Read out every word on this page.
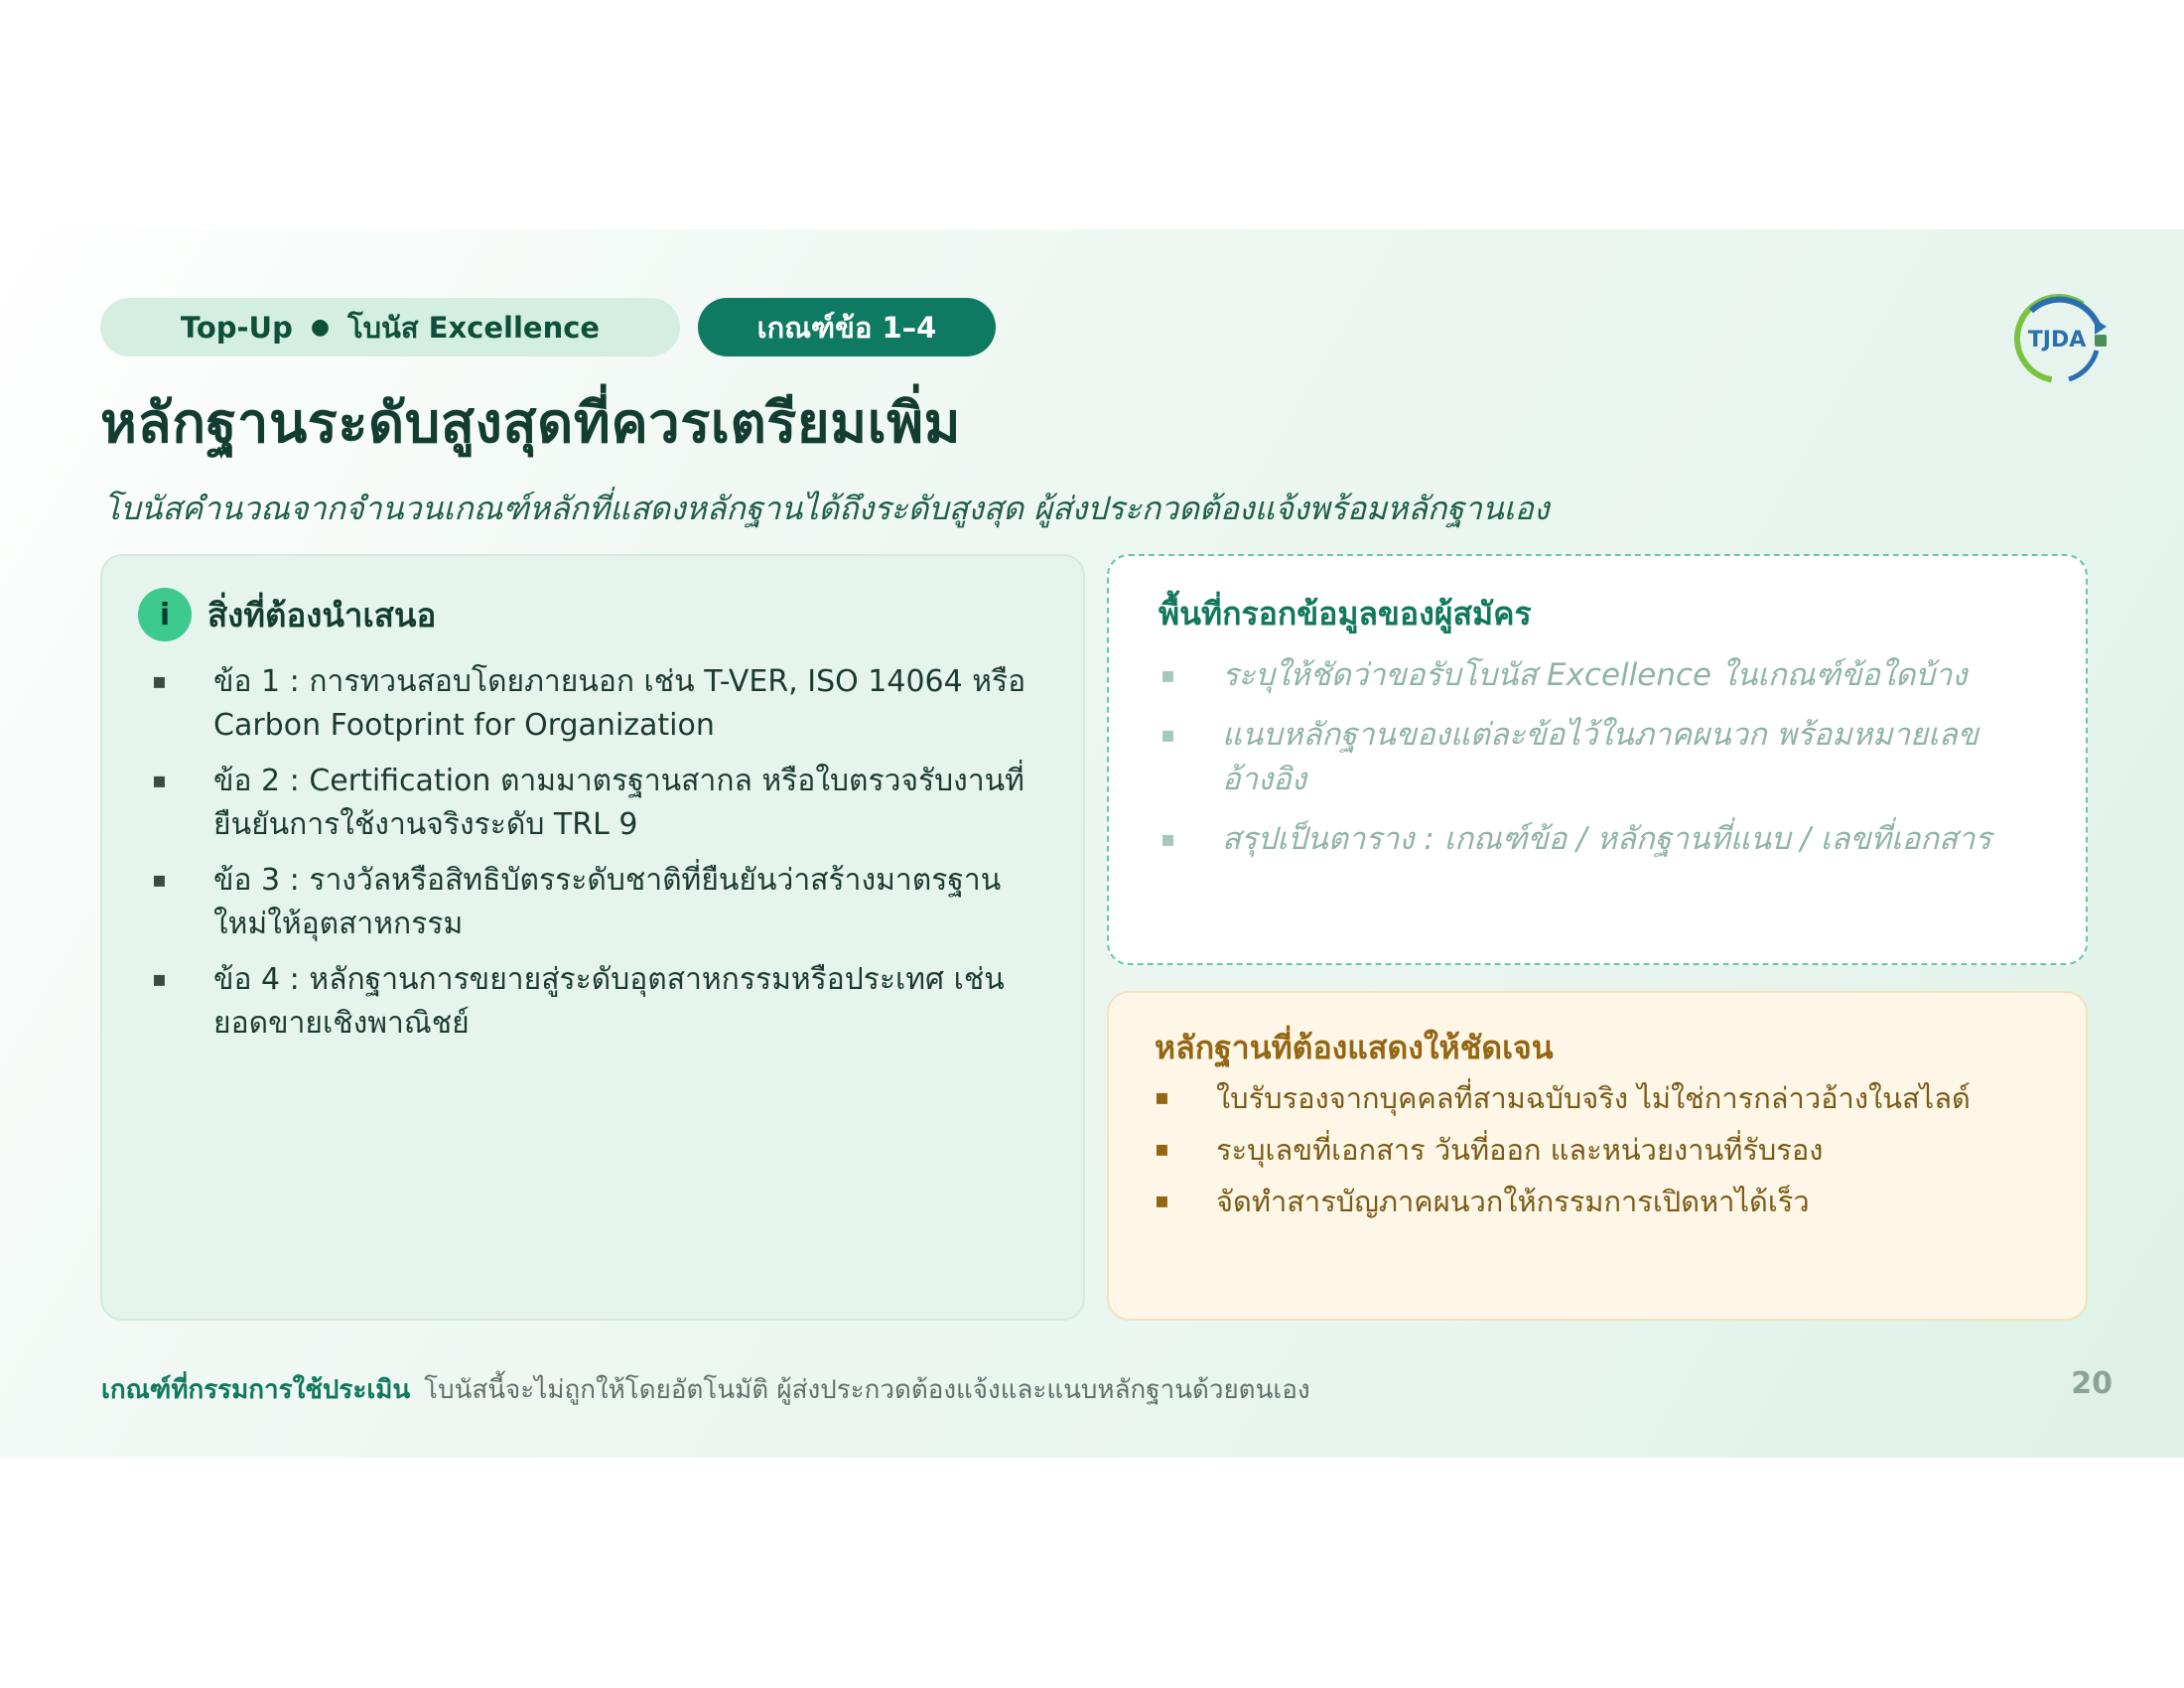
Top-Up ● โบนัส Excellence	เกณฑ์ข้อ 1–4	TJDA
หลักฐานระดับสูงสุดที่ควรเตรียมเพิ่ม

โบนัสคำนวณจากจำนวนเกณฑ์หลักที่แสดงหลักฐานได้ถึงระดับสูงสุด ผู้ส่งประกวดต้องแจ้งพร้อมหลักฐานเอง

i	สิ่งที่ต้องนำเสนอ
▪ ข้อ 1 : การทวนสอบโดยภายนอก เช่น T-VER, ISO 14064 หรือ Carbon Footprint for Organization
▪ ข้อ 2 : Certification ตามมาตรฐานสากล หรือใบตรวจรับงานที่ยืนยันการใช้งานจริงระดับ TRL 9
▪ ข้อ 3 : รางวัลหรือสิทธิบัตรระดับชาติที่ยืนยันว่าสร้างมาตรฐานใหม่ให้อุตสาหกรรม
▪ ข้อ 4 : หลักฐานการขยายสู่ระดับอุตสาหกรรมหรือประเทศ เช่น ยอดขายเชิงพาณิชย์
พื้นที่กรอกข้อมูลของผู้สมัคร
▪ ระบุให้ชัดว่าขอรับโบนัส Excellence ในเกณฑ์ข้อใดบ้าง
▪ แนบหลักฐานของแต่ละข้อไว้ในภาคผนวก พร้อมหมายเลขอ้างอิง
▪ สรุปเป็นตาราง : เกณฑ์ข้อ / หลักฐานที่แนบ / เลขที่เอกสาร
หลักฐานที่ต้องแสดงให้ชัดเจน
▪ ใบรับรองจากบุคคลที่สามฉบับจริง ไม่ใช่การกล่าวอ้างในสไลด์
▪ ระบุเลขที่เอกสาร วันที่ออก และหน่วยงานที่รับรอง
▪ จัดทำสารบัญภาคผนวกให้กรรมการเปิดหาได้เร็ว
เกณฑ์ที่กรรมการใช้ประเมิน โบนัสนี้จะไม่ถูกให้โดยอัตโนมัติ ผู้ส่งประกวดต้องแจ้งและแนบหลักฐานด้วยตนเอง	20
